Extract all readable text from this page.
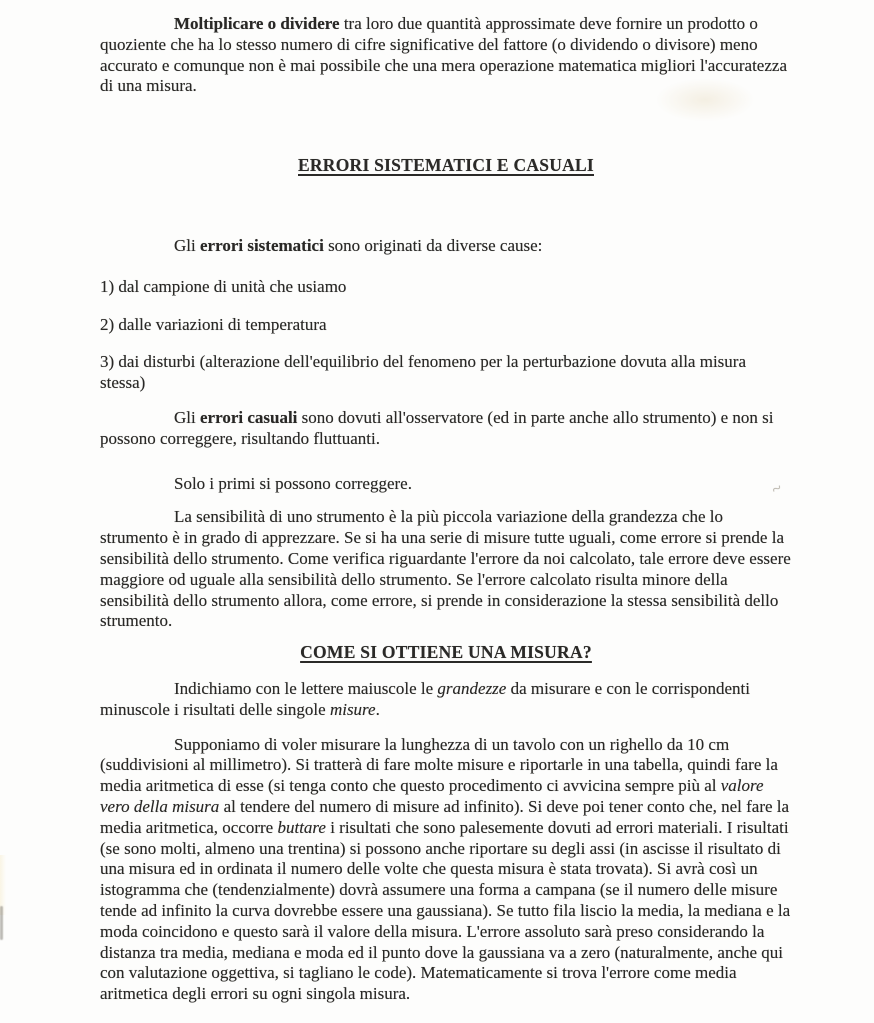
Moltiplicare o dividere tra loro due quantità approssimate deve fornire un prodotto o quoziente che ha lo stesso numero di cifre significative del fattore (o dividendo o divisore) meno accurato e comunque non è mai possibile che una mera operazione matematica migliori l'accuratezza di una misura.

ERRORI SISTEMATICI E CASUALI

Gli errori sistematici sono originati da diverse cause:

1) dal campione di unità che usiamo

2) dalle variazioni di temperatura

3) dai disturbi (alterazione dell'equilibrio del fenomeno per la perturbazione dovuta alla misura stessa)

Gli errori casuali sono dovuti all'osservatore (ed in parte anche allo strumento) e non si possono correggere, risultando fluttuanti.

Solo i primi si possono correggere.

La sensibilità di uno strumento è la più piccola variazione della grandezza che lo strumento è in grado di apprezzare. Se si ha una serie di misure tutte uguali, come errore si prende la sensibilità dello strumento. Come verifica riguardante l'errore da noi calcolato, tale errore deve essere maggiore od uguale alla sensibilità dello strumento. Se l'errore calcolato risulta minore della sensibilità dello strumento allora, come errore, si prende in considerazione la stessa sensibilità dello strumento.

COME SI OTTIENE UNA MISURA?

Indichiamo con le lettere maiuscole le grandezze da misurare e con le corrispondenti minuscole i risultati delle singole misure.

Supponiamo di voler misurare la lunghezza di un tavolo con un righello da 10 cm (suddivisioni al millimetro). Si tratterà di fare molte misure e riportarle in una tabella, quindi fare la media aritmetica di esse (si tenga conto che questo procedimento ci avvicina sempre più al valore vero della misura al tendere del numero di misure ad infinito). Si deve poi tener conto che, nel fare la media aritmetica, occorre buttare i risultati che sono palesemente dovuti ad errori materiali. I risultati (se sono molti, almeno una trentina) si possono anche riportare su degli assi (in ascisse il risultato di una misura ed in ordinata il numero delle volte che questa misura è stata trovata). Si avrà così un istogramma che (tendenzialmente) dovrà assumere una forma a campana (se il numero delle misure tende ad infinito la curva dovrebbe essere una gaussiana). Se tutto fila liscio la media, la mediana e la moda coincidono e questo sarà il valore della misura. L'errore assoluto sarà preso considerando la distanza tra media, mediana e moda ed il punto dove la gaussiana va a zero (naturalmente, anche qui con valutazione oggettiva, si tagliano le code). Matematicamente si trova l'errore come media aritmetica degli errori su ogni singola misura.

~
